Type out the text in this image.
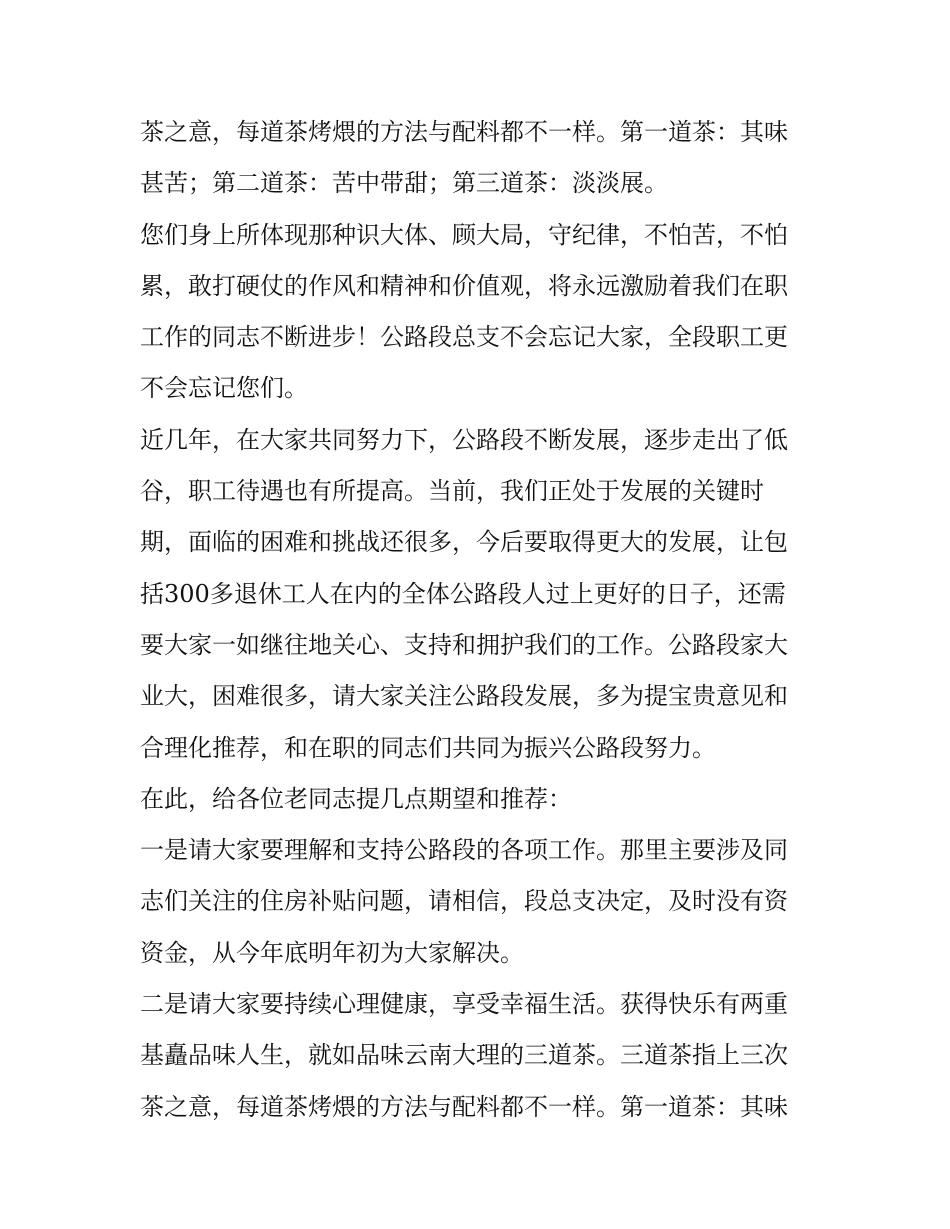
茶之意，每道茶烤煨的方法与配料都不一样。第一道茶：其味
甚苦；第二道茶：苦中带甜；第三道茶：淡淡展。
您们身上所体现那种识大体、顾大局，守纪律，不怕苦，不怕
累，敢打硬仗的作风和精神和价值观，将永远激励着我们在职
工作的同志不断进步！公路段总支不会忘记大家，全段职工更
不会忘记您们。
近几年，在大家共同努力下，公路段不断发展，逐步走出了低
谷，职工待遇也有所提高。当前，我们正处于发展的关键时
期，面临的困难和挑战还很多，今后要取得更大的发展，让包
括300多退休工人在内的全体公路段人过上更好的日子，还需
要大家一如继往地关心、支持和拥护我们的工作。公路段家大
业大，困难很多，请大家关注公路段发展，多为提宝贵意见和
合理化推荐，和在职的同志们共同为振兴公路段努力。
在此，给各位老同志提几点期望和推荐：
一是请大家要理解和支持公路段的各项工作。那里主要涉及同
志们关注的住房补贴问题，请相信，段总支决定，及时没有资
资金，从今年底明年初为大家解决。
二是请大家要持续心理健康，享受幸福生活。获得快乐有两重
基矗品味人生，就如品味云南大理的三道茶。三道茶指上三次
茶之意，每道茶烤煨的方法与配料都不一样。第一道茶：其味
